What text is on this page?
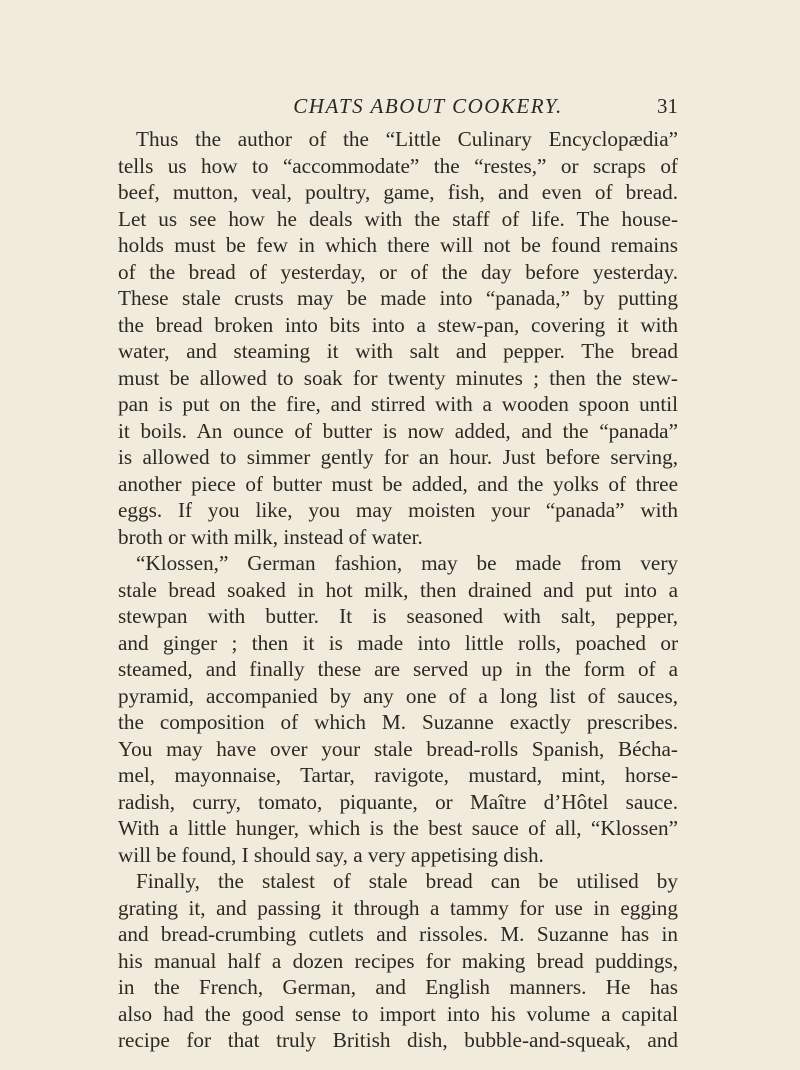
CHATS ABOUT COOKERY.	31
Thus the author of the “Little Culinary Encyclopædia”
tells us how to “accommodate” the “restes,” or scraps of
beef, mutton, veal, poultry, game, fish, and even of bread.
Let us see how he deals with the staff of life. The house-
holds must be few in which there will not be found remains
of the bread of yesterday, or of the day before yesterday.
These stale crusts may be made into “panada,” by putting
the bread broken into bits into a stew-pan, covering it with
water, and steaming it with salt and pepper. The bread
must be allowed to soak for twenty minutes ; then the stew-
pan is put on the fire, and stirred with a wooden spoon until
it boils. An ounce of butter is now added, and the “panada”
is allowed to simmer gently for an hour. Just before serving,
another piece of butter must be added, and the yolks of three
eggs. If you like, you may moisten your “panada” with
broth or with milk, instead of water.
“Klossen,” German fashion, may be made from very
stale bread soaked in hot milk, then drained and put into a
stewpan with butter. It is seasoned with salt, pepper,
and ginger ; then it is made into little rolls, poached or
steamed, and finally these are served up in the form of a
pyramid, accompanied by any one of a long list of sauces,
the composition of which M. Suzanne exactly prescribes.
You may have over your stale bread-rolls Spanish, Bécha-
mel, mayonnaise, Tartar, ravigote, mustard, mint, horse-
radish, curry, tomato, piquante, or Maître d’Hôtel sauce.
With a little hunger, which is the best sauce of all, “Klossen”
will be found, I should say, a very appetising dish.
Finally, the stalest of stale bread can be utilised by
grating it, and passing it through a tammy for use in egging
and bread-crumbing cutlets and rissoles. M. Suzanne has in
his manual half a dozen recipes for making bread puddings,
in the French, German, and English manners. He has
also had the good sense to import into his volume a capital
recipe for that truly British dish, bubble-and-squeak, and
